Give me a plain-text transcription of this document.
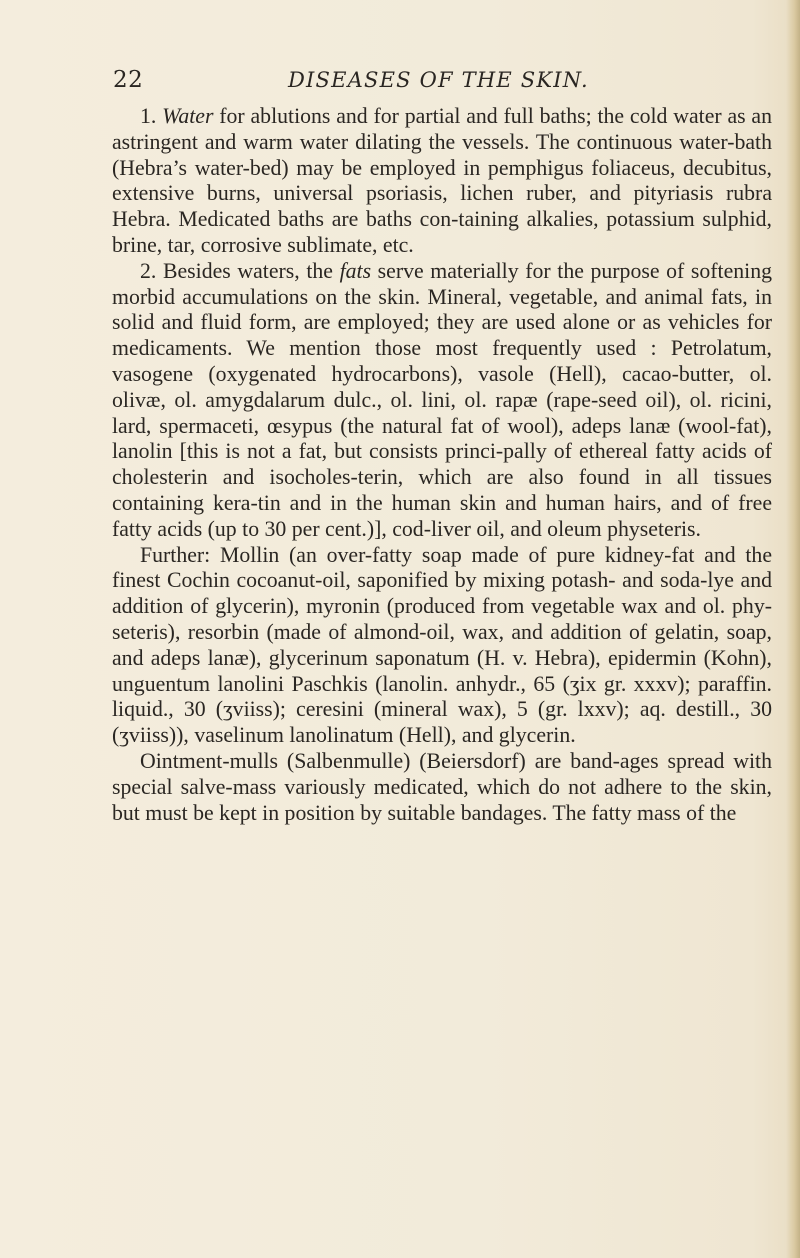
22	DISEASES OF THE SKIN.

1. Water for ablutions and for partial and full baths; the cold water as an astringent and warm water dilating the vessels. The continuous water-bath (Hebra’s water-bed) may be employed in pemphigus foliaceus, decubitus, extensive burns, universal psoriasis, lichen ruber, and pityriasis rubra Hebra. Medicated baths are baths con-taining alkalies, potassium sulphid, brine, tar, corrosive sublimate, etc.

2. Besides waters, the fats serve materially for the purpose of softening morbid accumulations on the skin. Mineral, vegetable, and animal fats, in solid and fluid form, are employed; they are used alone or as vehicles for medicaments. We mention those most frequently used : Petrolatum, vasogene (oxygenated hydrocarbons), vasole (Hell), cacao-butter, ol. olivæ, ol. amygdalarum dulc., ol. lini, ol. rapæ (rape-seed oil), ol. ricini, lard, spermaceti, œsypus (the natural fat of wool), adeps lanæ (wool-fat), lanolin [this is not a fat, but consists princi-pally of ethereal fatty acids of cholesterin and isocholes-terin, which are also found in all tissues containing kera-tin and in the human skin and human hairs, and of free fatty acids (up to 30 per cent.)], cod-liver oil, and oleum physeteris.

Further: Mollin (an over-fatty soap made of pure kidney-fat and the finest Cochin cocoanut-oil, saponified by mixing potash- and soda-lye and addition of glycerin), myronin (produced from vegetable wax and ol. phy-seteris), resorbin (made of almond-oil, wax, and addition of gelatin, soap, and adeps lanæ), glycerinum saponatum (H. v. Hebra), epidermin (Kohn), unguentum lanolini Paschkis (lanolin. anhydr., 65 (ʒix gr. xxxv); paraffin. liquid., 30 (ʒviiss); ceresini (mineral wax), 5 (gr. lxxv); aq. destill., 30 (ʒviiss)), vaselinum lanolinatum (Hell), and glycerin.

Ointment-mulls (Salbenmulle) (Beiersdorf) are band-ages spread with special salve-mass variously medicated, which do not adhere to the skin, but must be kept in position by suitable bandages. The fatty mass of the
